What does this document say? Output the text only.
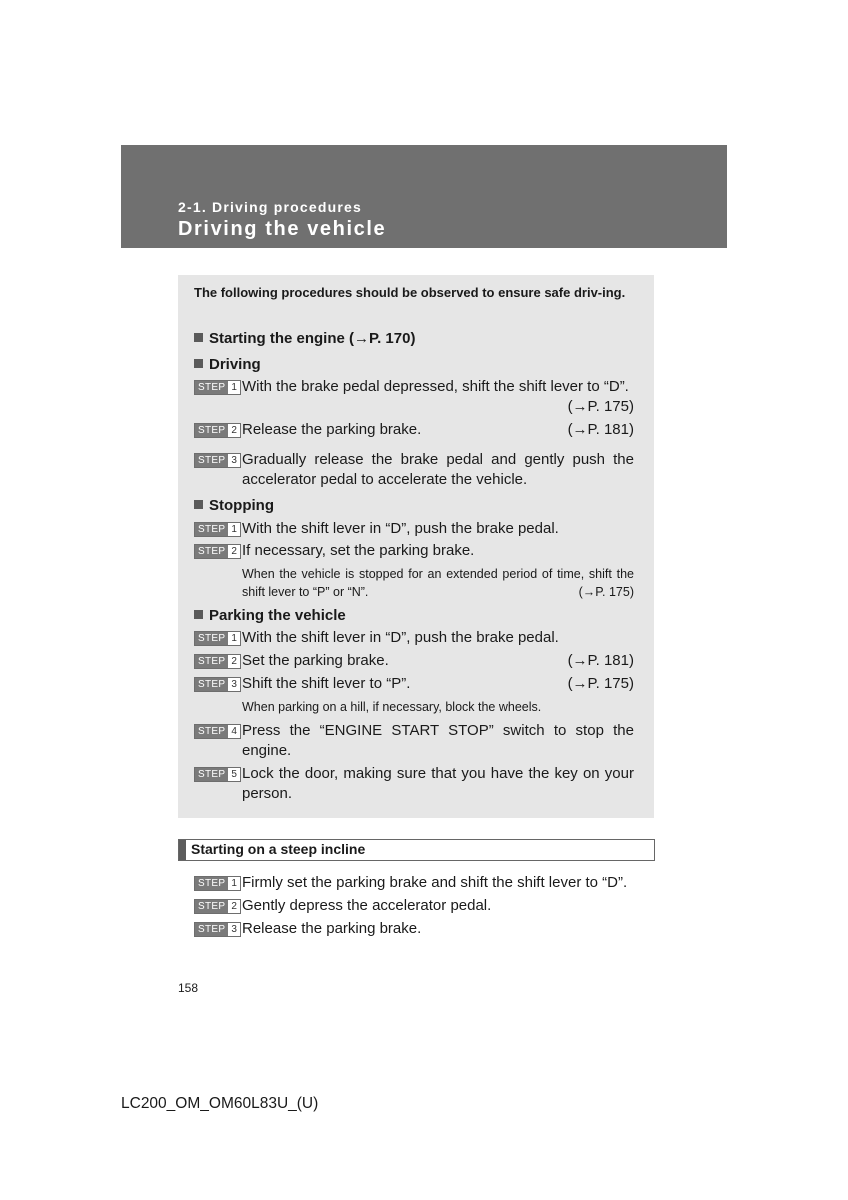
2-1. Driving procedures
Driving the vehicle
The following procedures should be observed to ensure safe driv-ing.
Starting the engine (→P. 170)
Driving
STEP 1 With the brake pedal depressed, shift the shift lever to “D”.
(→P. 175)
STEP 2 Release the parking brake.	(→P. 181)
STEP 3 Gradually release the brake pedal and gently push the accelerator pedal to accelerate the vehicle.
Stopping
STEP 1 With the shift lever in “D”, push the brake pedal.
STEP 2 If necessary, set the parking brake.
When the vehicle is stopped for an extended period of time, shift the shift lever to “P” or “N”.	(→P. 175)
Parking the vehicle
STEP 1 With the shift lever in “D”, push the brake pedal.
STEP 2 Set the parking brake.	(→P. 181)
STEP 3 Shift the shift lever to “P”.	(→P. 175)
When parking on a hill, if necessary, block the wheels.
STEP 4 Press the “ENGINE START STOP” switch to stop the engine.
STEP 5 Lock the door, making sure that you have the key on your person.
Starting on a steep incline
STEP 1 Firmly set the parking brake and shift the shift lever to “D”.
STEP 2 Gently depress the accelerator pedal.
STEP 3 Release the parking brake.
158
LC200_OM_OM60L83U_(U)
